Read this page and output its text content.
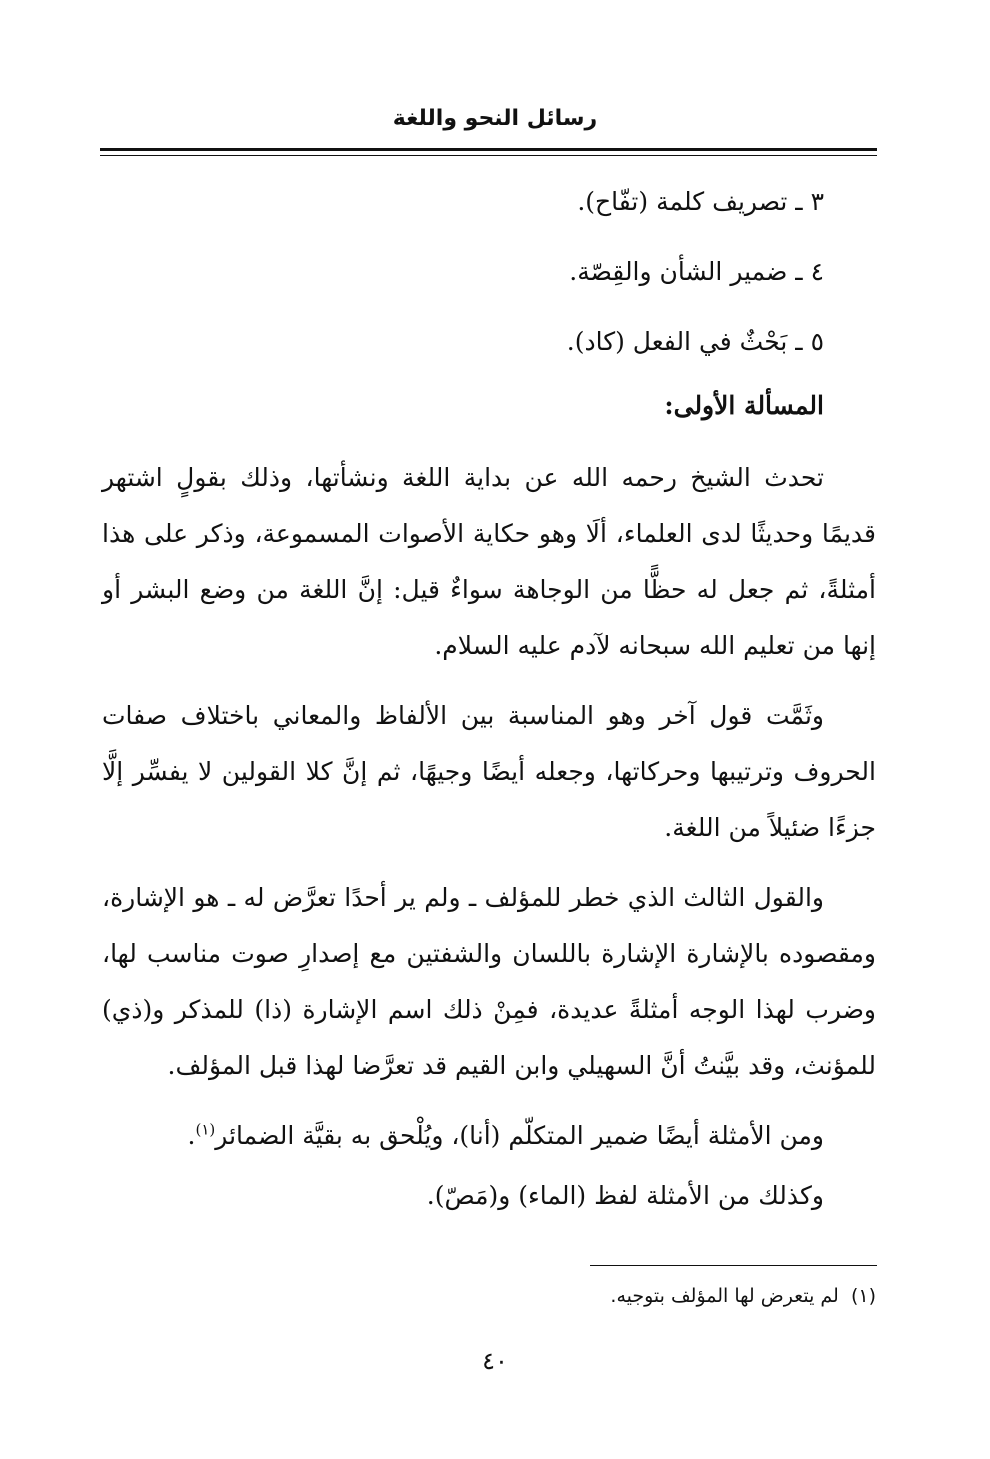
رسائل النحو واللغة

٣ ـ تصريف كلمة (تفّاح).

٤ ـ ضمير الشأن والقِصّة.

٥ ـ بَحْثٌ في الفعل (كاد).

المسألة الأولى:

تحدث الشيخ رحمه الله عن بداية اللغة ونشأتها، وذلك بقولٍ اشتهر قديمًا وحديثًا لدى العلماء، ألَا وهو حكاية الأصوات المسموعة، وذكر على هذا أمثلةً، ثم جعل له حظًّا من الوجاهة سواءٌ قيل: إنَّ اللغة من وضع البشر أو إنها من تعليم الله سبحانه لآدم عليه السلام.

وثَمَّت قول آخر وهو المناسبة بين الألفاظ والمعاني باختلاف صفات الحروف وترتيبها وحركاتها، وجعله أيضًا وجيهًا، ثم إنَّ كلا القولين لا يفسِّر إلَّا جزءًا ضئيلاً من اللغة.

والقول الثالث الذي خطر للمؤلف ـ ولم ير أحدًا تعرَّض له ـ هو الإشارة، ومقصوده بالإشارة الإشارة باللسان والشفتين مع إصدارِ صوت مناسب لها، وضرب لهذا الوجه أمثلةً عديدة، فمِنْ ذلك اسم الإشارة (ذا) للمذكر و(ذي) للمؤنث، وقد بيَّنتُ أنَّ السهيلي وابن القيم قد تعرَّضا لهذا قبل المؤلف.

ومن الأمثلة أيضًا ضمير المتكلّم (أنا)، ويُلْحق به بقيَّة الضمائر$^{(١)}$.

وكذلك من الأمثلة لفظ (الماء) و(مَصّ).

(١)  لم يتعرض لها المؤلف بتوجيه.
٤٠
